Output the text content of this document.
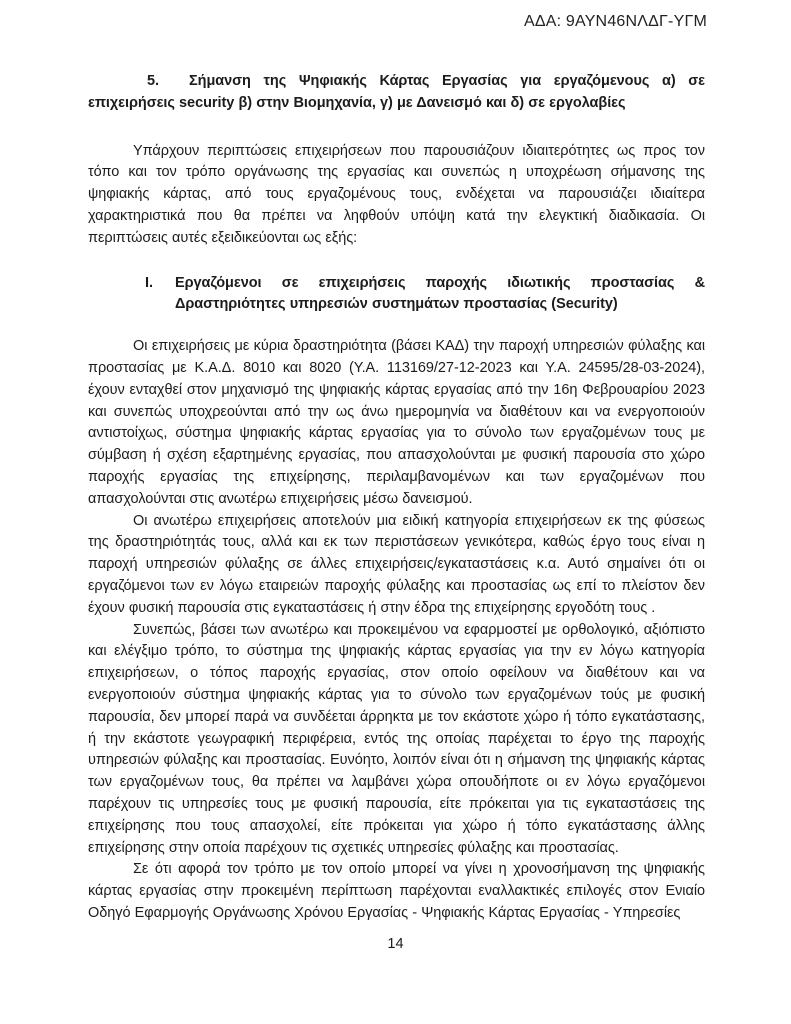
ΑΔΑ: 9ΑΥΝ46ΝΛΔΓ-ΥΓΜ
5. Σήμανση της Ψηφιακής Κάρτας Εργασίας για εργαζόμενους α) σε επιχειρήσεις security β) στην Βιομηχανία, γ) με Δανεισμό και δ) σε εργολαβίες
Υπάρχουν περιπτώσεις επιχειρήσεων που παρουσιάζουν ιδιαιτερότητες ως προς τον τόπο και τον τρόπο οργάνωσης της εργασίας και συνεπώς η υποχρέωση σήμανσης της ψηφιακής κάρτας, από τους εργαζομένους τους, ενδέχεται να παρουσιάζει ιδιαίτερα χαρακτηριστικά που θα πρέπει να ληφθούν υπόψη κατά την ελεγκτική διαδικασία. Οι περιπτώσεις αυτές εξειδικεύονται ως εξής:
I.	Εργαζόμενοι σε επιχειρήσεις παροχής ιδιωτικής προστασίας & Δραστηριότητες υπηρεσιών συστημάτων προστασίας (Security)

Οι επιχειρήσεις με κύρια δραστηριότητα (βάσει ΚΑΔ) την παροχή υπηρεσιών φύλαξης και προστασίας με Κ.Α.Δ. 8010 και 8020 (Υ.Α. 113169/27-12-2023 και Υ.Α. 24595/28-03-2024), έχουν ενταχθεί στον μηχανισμό της ψηφιακής κάρτας εργασίας από την 16η Φεβρουαρίου 2023 και συνεπώς υποχρεούνται από την ως άνω ημερομηνία να διαθέτουν και να ενεργοποιούν αντιστοίχως, σύστημα ψηφιακής κάρτας εργασίας για το σύνολο των εργαζομένων τους με σύμβαση ή σχέση εξαρτημένης εργασίας, που απασχολούνται με φυσική παρουσία στο χώρο παροχής εργασίας της επιχείρησης, περιλαμβανομένων και των εργαζομένων που απασχολούνται στις ανωτέρω επιχειρήσεις μέσω δανεισμού.

Οι ανωτέρω επιχειρήσεις αποτελούν μια ειδική κατηγορία επιχειρήσεων εκ της φύσεως της δραστηριότητάς τους, αλλά και εκ των περιστάσεων γενικότερα, καθώς έργο τους είναι η παροχή υπηρεσιών φύλαξης σε άλλες επιχειρήσεις/εγκαταστάσεις κ.α. Αυτό σημαίνει ότι οι εργαζόμενοι των εν λόγω εταιρειών παροχής φύλαξης και προστασίας ως επί το πλείστον δεν έχουν φυσική παρουσία στις εγκαταστάσεις ή στην έδρα της επιχείρησης εργοδότη τους .

Συνεπώς, βάσει των ανωτέρω και προκειμένου να εφαρμοστεί με ορθολογικό, αξιόπιστο και ελέγξιμο τρόπο, το σύστημα της ψηφιακής κάρτας εργασίας για την εν λόγω κατηγορία επιχειρήσεων, ο τόπος παροχής εργασίας, στον οποίο οφείλουν να διαθέτουν και να ενεργοποιούν σύστημα ψηφιακής κάρτας για το σύνολο των εργαζομένων τούς με φυσική παρουσία, δεν μπορεί παρά να συνδέεται άρρηκτα με τον εκάστοτε χώρο ή τόπο εγκατάστασης, ή την εκάστοτε γεωγραφική περιφέρεια, εντός της οποίας παρέχεται το έργο της παροχής υπηρεσιών φύλαξης και προστασίας. Ευνόητο, λοιπόν είναι ότι η σήμανση της ψηφιακής κάρτας των εργαζομένων τους, θα πρέπει να λαμβάνει χώρα οπουδήποτε οι εν λόγω εργαζόμενοι παρέχουν τις υπηρεσίες τους με φυσική παρουσία, είτε πρόκειται για τις εγκαταστάσεις της επιχείρησης που τους απασχολεί, είτε πρόκειται για χώρο ή τόπο εγκατάστασης άλλης επιχείρησης στην οποία παρέχουν τις σχετικές υπηρεσίες φύλαξης και προστασίας.

Σε ότι αφορά τον τρόπο με τον οποίο μπορεί να γίνει η χρονοσήμανση της ψηφιακής κάρτας εργασίας στην προκειμένη περίπτωση παρέχονται εναλλακτικές επιλογές στον Ενιαίο Οδηγό Εφαρμογής Οργάνωσης Χρόνου Εργασίας - Ψηφιακής Κάρτας Εργασίας - Υπηρεσίες

14
